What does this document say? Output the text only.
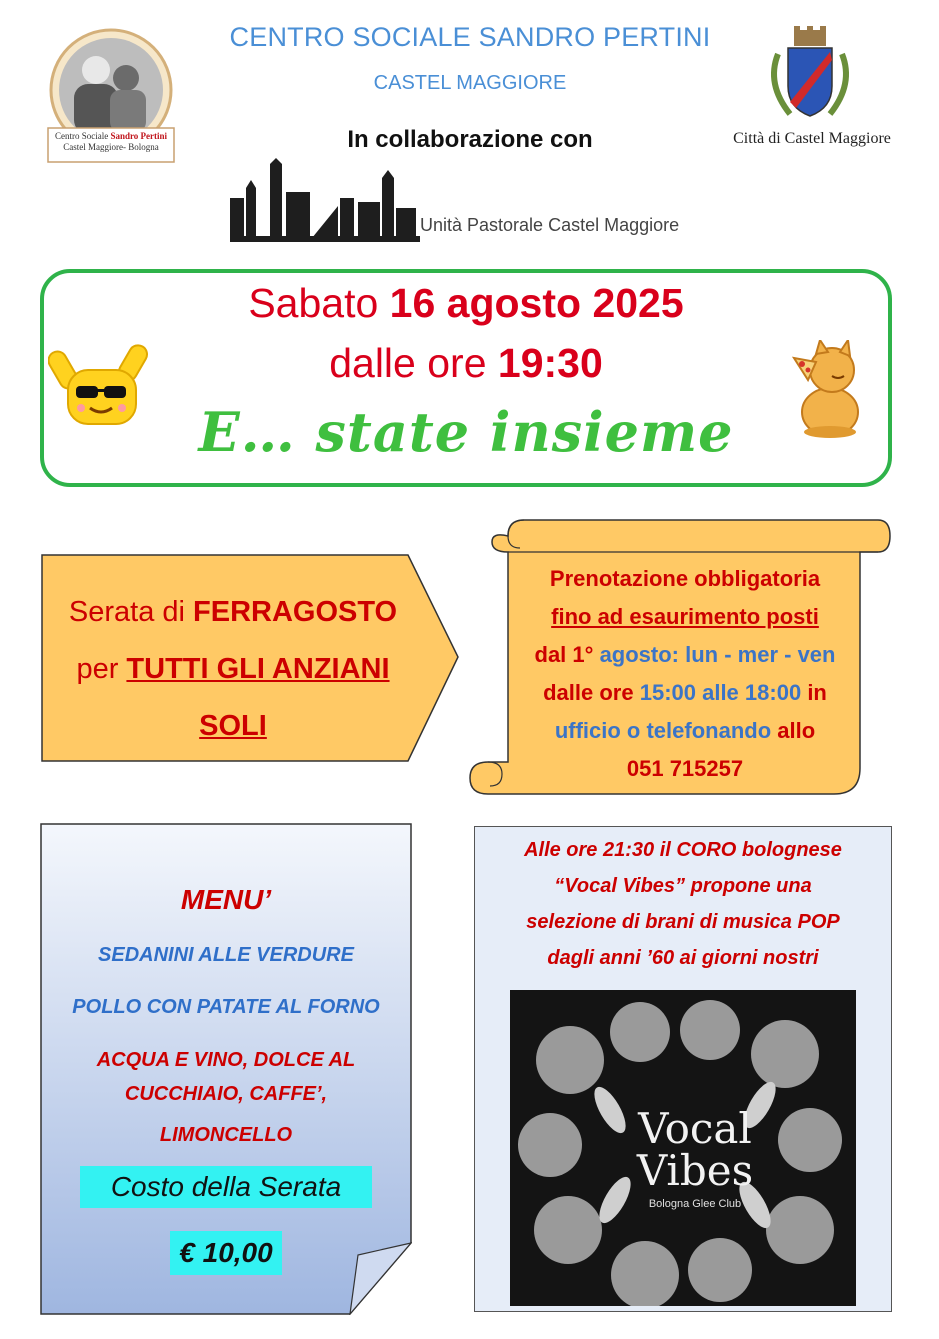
CENTRO SOCIALE SANDRO PERTINI
CASTEL MAGGIORE
In collaborazione con
Centro Sociale Sandro Pertini
Castel Maggiore- Bologna	Città di Castel Maggiore
Unità Pastorale Castel Maggiore
Sabato 16 agosto 2025
dalle ore 19:30
E… state insieme
Serata di FERRAGOSTO
per TUTTI GLI ANZIANI
SOLI
Prenotazione obbligatoria
fino ad esaurimento posti
dal 1° agosto: lun - mer - ven
dalle ore 15:00 alle 18:00 in
ufficio o telefonando allo
051 715257
MENU’
SEDANINI ALLE VERDURE
POLLO CON PATATE AL FORNO
ACQUA E VINO, DOLCE AL
CUCCHIAIO, CAFFE’,
LIMONCELLO
Costo della Serata
€ 10,00
Alle ore 21:30 il CORO bolognese
“Vocal Vibes” propone una
selezione di brani di musica POP
dagli anni ’60 ai giorni nostri
Vocal
Vibes
Bologna Glee Club
